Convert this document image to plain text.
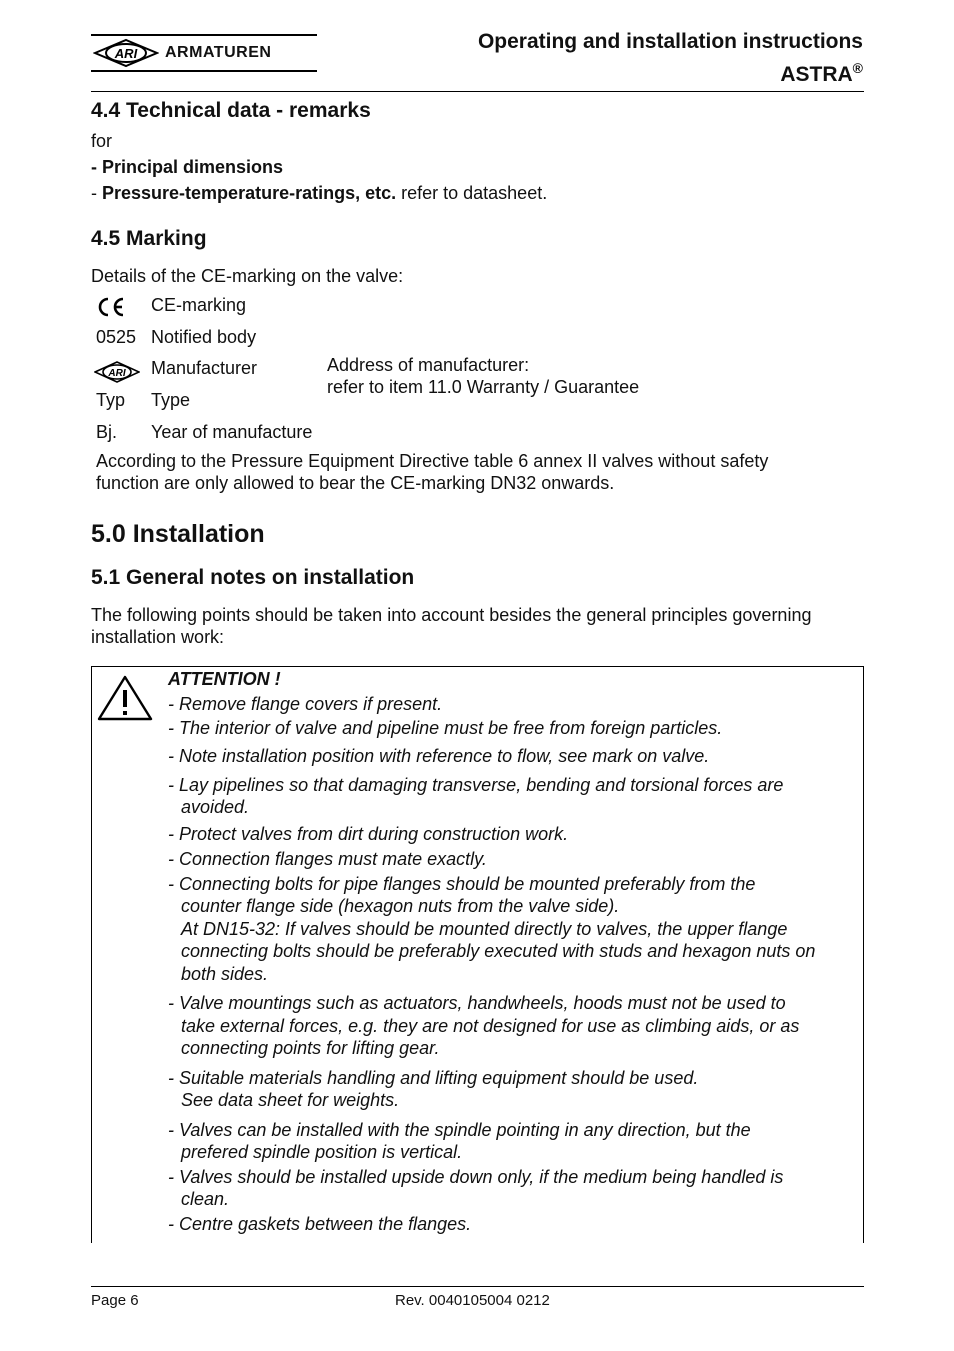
ARI ARMATUREN	Operating and installation instructions
ASTRA®
4.4 Technical data - remarks
for
- Principal dimensions
- Pressure-temperature-ratings, etc. refer to datasheet.
4.5 Marking
Details of the CE-marking on the valve:
CE-marking
0525 Notified body
ARI Manufacturer
Typ Type
Bj. Year of manufacture
Address of manufacturer:
refer to item 11.0 Warranty / Guarantee
According to the Pressure Equipment Directive table 6 annex II valves without safety
function are only allowed to bear the CE-marking DN32 onwards.
5.0 Installation
5.1 General notes on installation
The following points should be taken into account besides the general principles governing
installation work:
ATTENTION !
- Remove flange covers if present.
- The interior of valve and pipeline must be free from foreign particles.
- Note installation position with reference to flow, see mark on valve.
- Lay pipelines so that damaging transverse, bending and torsional forces are
avoided.
- Protect valves from dirt during construction work.
- Connection flanges must mate exactly.
- Connecting bolts for pipe flanges should be mounted preferably from the
counter flange side (hexagon nuts from the valve side).
At DN15-32: If valves should be mounted directly to valves, the upper flange
connecting bolts should be preferably executed with studs and hexagon nuts on
both sides.
- Valve mountings such as actuators, handwheels, hoods must not be used to
take external forces, e.g. they are not designed for use as climbing aids, or as
connecting points for lifting gear.
- Suitable materials handling and lifting equipment should be used.
See data sheet for weights.
- Valves can be installed with the spindle pointing in any direction, but the
prefered spindle position is vertical.
- Valves should be installed upside down only, if the medium being handled is
clean.
- Centre gaskets between the flanges.
Page 6	Rev. 0040105004 0212
